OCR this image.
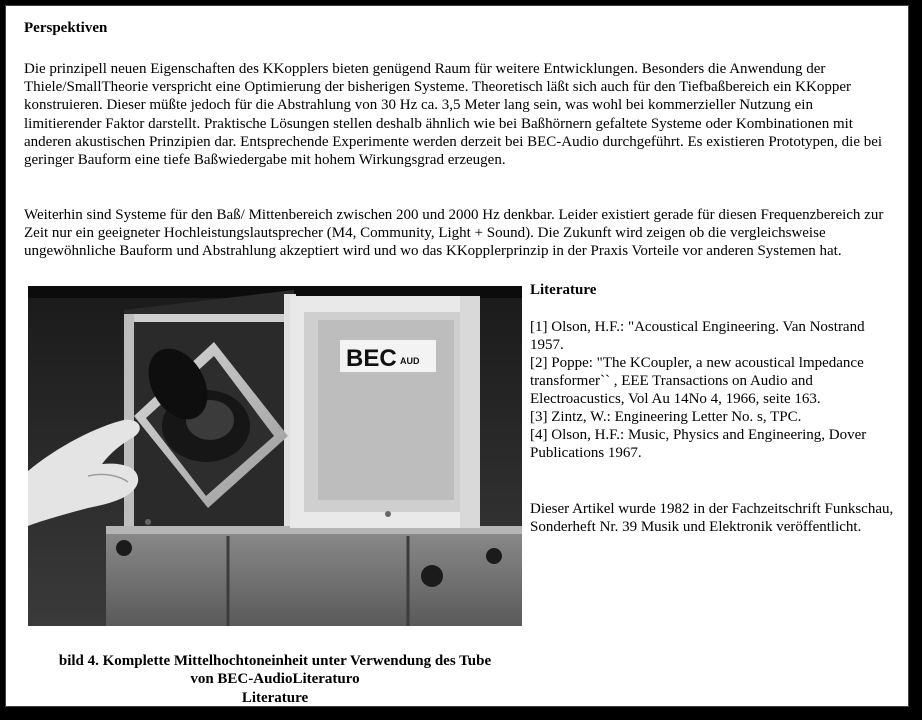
Perspektiven
Die prinzipell neuen Eigenschaften des KKopplers bieten genügend Raum für weitere Entwicklungen. Besonders die Anwendung der Thiele/SmallTheorie verspricht eine Optimierung der bisherigen Systeme. Theoretisch läßt sich auch für den Tiefbaßbereich ein KKopper konstruieren. Dieser müßte jedoch für die Abstrahlung von 30 Hz ca. 3,5 Meter lang sein, was wohl bei kommerzieller Nutzung ein limitierender Faktor darstellt. Praktische Lösungen stellen deshalb ähnlich wie bei Baßhörnern gefaltete Systeme oder Kombinationen mit anderen akustischen Prinzipien dar. Entsprechende Experimente werden derzeit bei BEC-Audio durchgeführt. Es existieren Prototypen, die bei geringer Bauform eine tiefe Baßwiedergabe mit hohem Wirkungsgrad erzeugen.
Weiterhin sind Systeme für den Baß/ Mittenbereich zwischen 200 und 2000 Hz denkbar. Leider existiert gerade für diesen Frequenzbereich zur Zeit nur ein geeigneter Hochleistungslautsprecher (M4, Community, Light + Sound). Die Zukunft wird zeigen ob die vergleichsweise ungewöhnliche Bauform und Abstrahlung akzeptiert wird und wo das KKopplerprinzip in der Praxis Vorteile vor anderen Systemen hat.
BEC AUD
bild 4. Komplette Mittelhochtoneinheit unter Verwendung des Tube
von BEC-AudioLiteraturo
Literature
Literature
[1] Olson, H.F.: "Acoustical Engineering. Van Nostrand 1957.
[2] Poppe: "The KCoupler, a new acoustical lmpedance transformer`` , EEE Transactions on Audio and Electroacustics, Vol Au 14No 4, 1966, seite 163.
[3] Zintz, W.: Engineering Letter No. s, TPC.
[4] Olson, H.F.: Music, Physics and Engineering, Dover Publications 1967.
Dieser Artikel wurde 1982 in der Fachzeitschrift Funkschau, Sonderheft Nr. 39 Musik und Elektronik veröffentlicht.
